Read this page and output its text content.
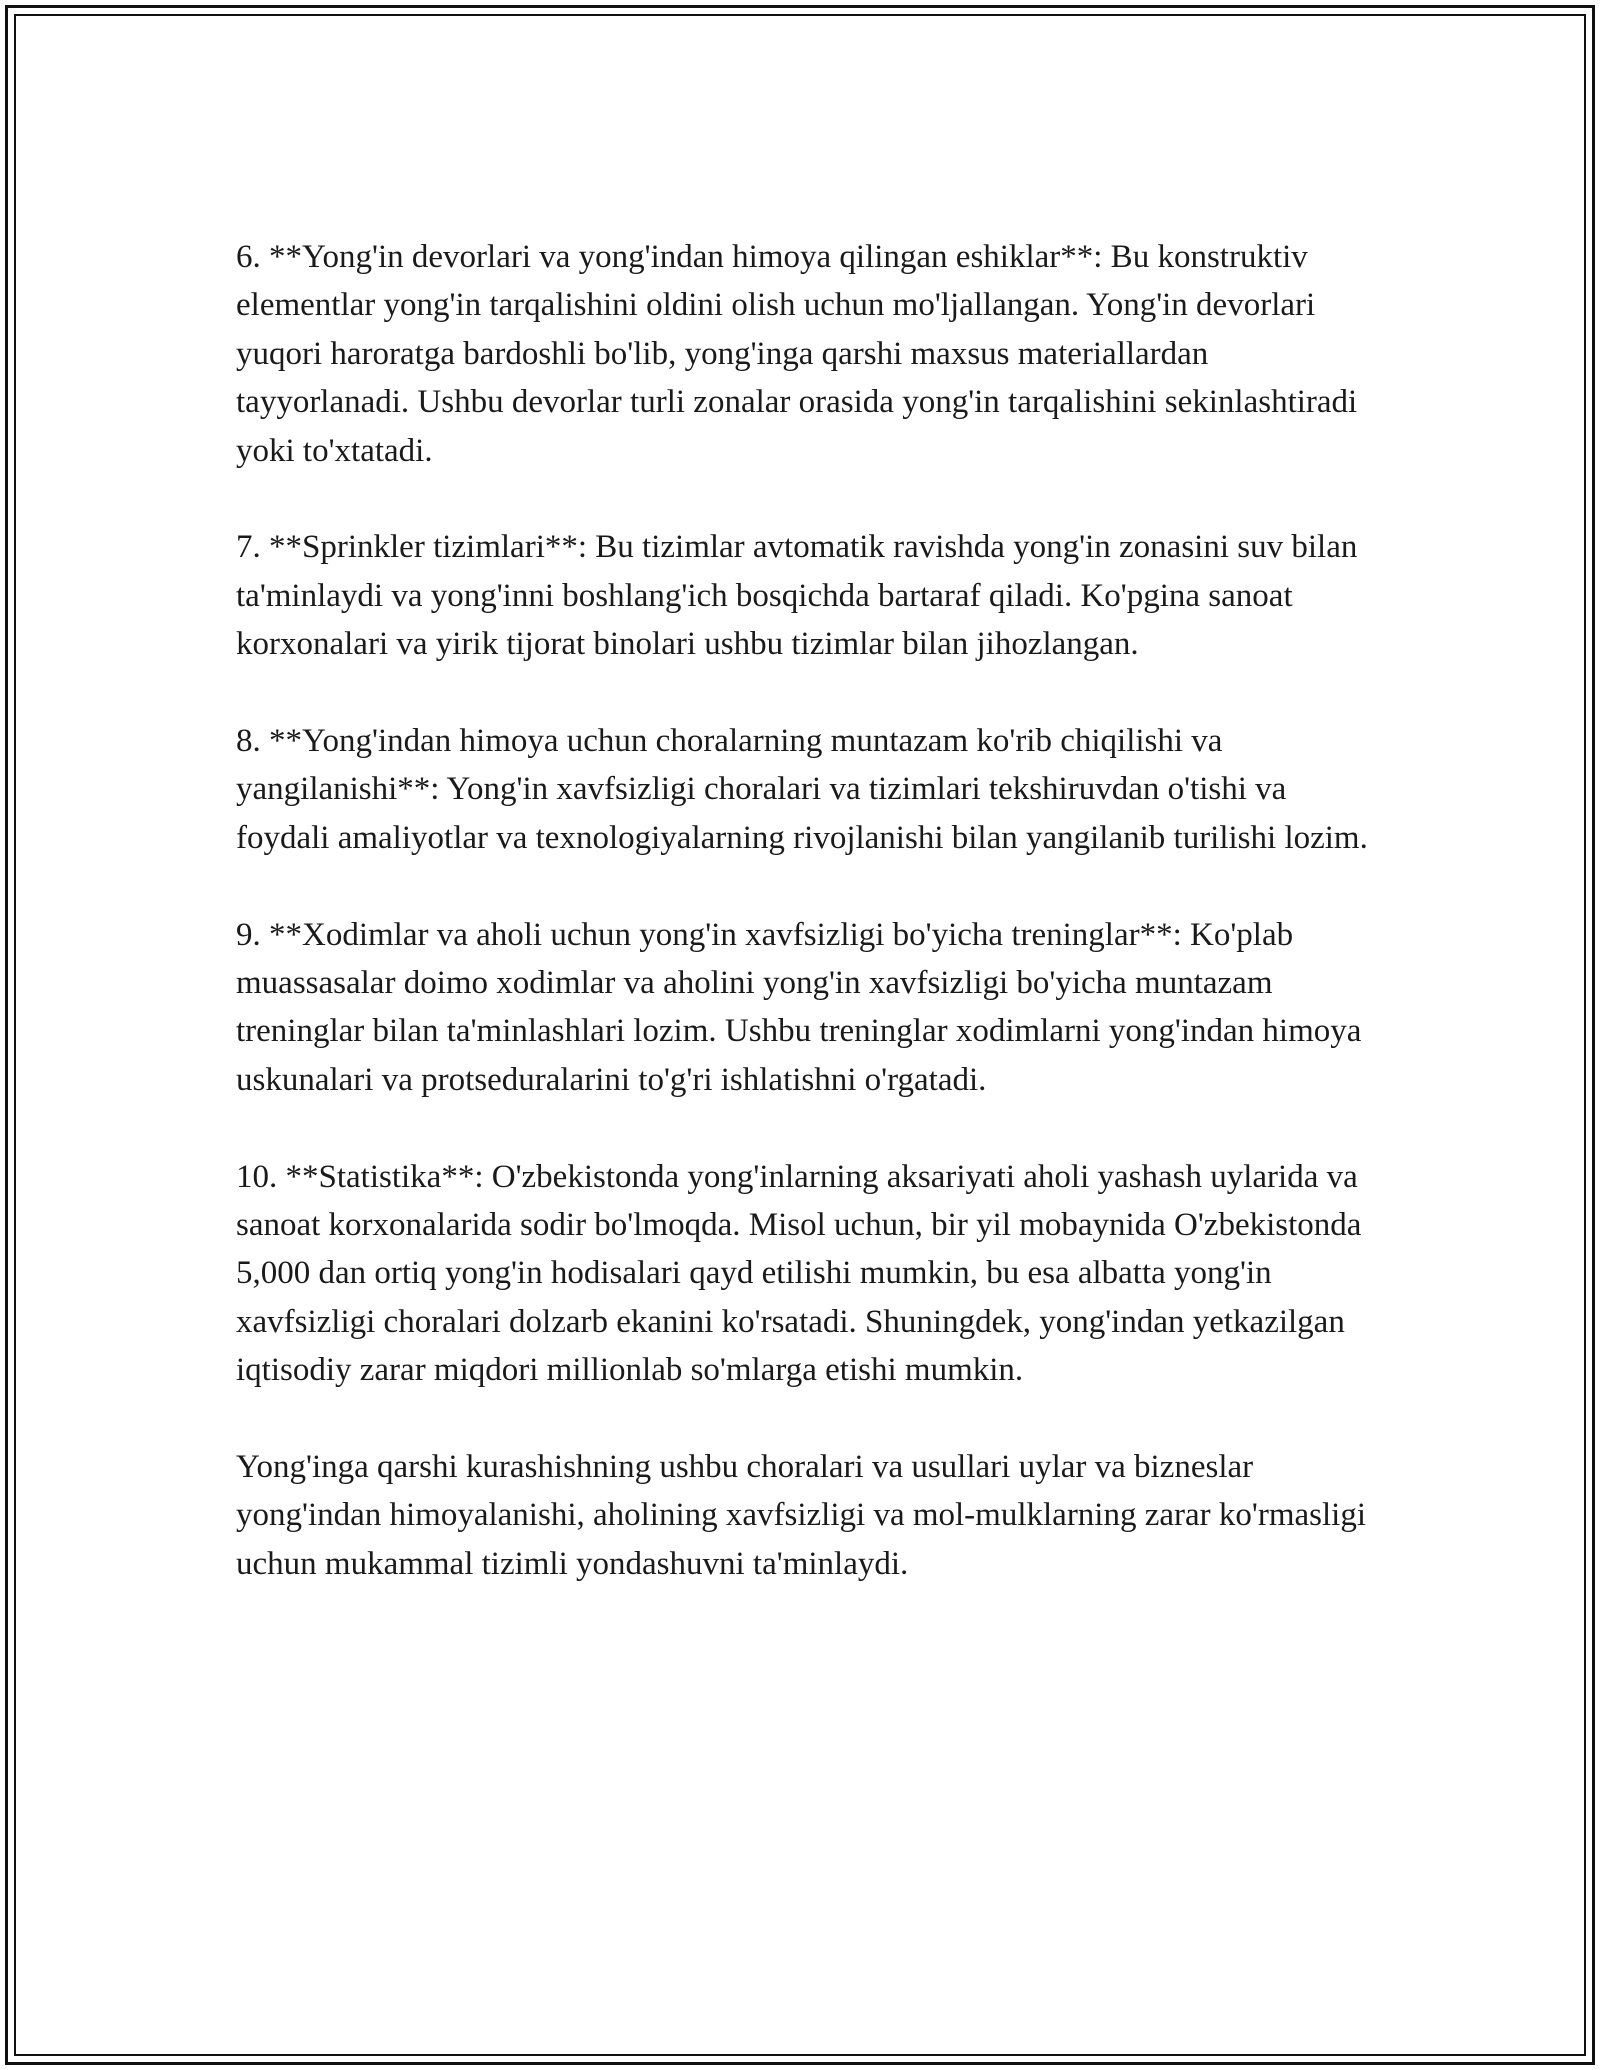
6. **Yong'in devorlari va yong'indan himoya qilingan eshiklar**: Bu konstruktiv elementlar yong'in tarqalishini oldini olish uchun mo'ljallangan. Yong'in devorlari yuqori haroratga bardoshli bo'lib, yong'inga qarshi maxsus materiallardan tayyorlanadi. Ushbu devorlar turli zonalar orasida yong'in tarqalishini sekinlashtiradi yoki to'xtatadi.

7. **Sprinkler tizimlari**: Bu tizimlar avtomatik ravishda yong'in zonasini suv bilan ta'minlaydi va yong'inni boshlang'ich bosqichda bartaraf qiladi. Ko'pgina sanoat korxonalari va yirik tijorat binolari ushbu tizimlar bilan jihozlangan.

8. **Yong'indan himoya uchun choralarning muntazam ko'rib chiqilishi va yangilanishi**: Yong'in xavfsizligi choralari va tizimlari tekshiruvdan o'tishi va foydali amaliyotlar va texnologiyalarning rivojlanishi bilan yangilanib turilishi lozim.

9. **Xodimlar va aholi uchun yong'in xavfsizligi bo'yicha treninglar**: Ko'plab muassasalar doimo xodimlar va aholini yong'in xavfsizligi bo'yicha muntazam treninglar bilan ta'minlashlari lozim. Ushbu treninglar xodimlarni yong'indan himoya uskunalari va protseduralarini to'g'ri ishlatishni o'rgatadi.

10. **Statistika**: O'zbekistonda yong'inlarning aksariyati aholi yashash uylarida va sanoat korxonalarida sodir bo'lmoqda. Misol uchun, bir yil mobaynida O'zbekistonda 5,000 dan ortiq yong'in hodisalari qayd etilishi mumkin, bu esa albatta yong'in xavfsizligi choralari dolzarb ekanini ko'rsatadi. Shuningdek, yong'indan yetkazilgan iqtisodiy zarar miqdori millionlab so'mlarga etishi mumkin.

Yong'inga qarshi kurashishning ushbu choralari va usullari uylar va bizneslar yong'indan himoyalanishi, aholining xavfsizligi va mol-mulklarning zarar ko'rmasligi uchun mukammal tizimli yondashuvni ta'minlaydi.
